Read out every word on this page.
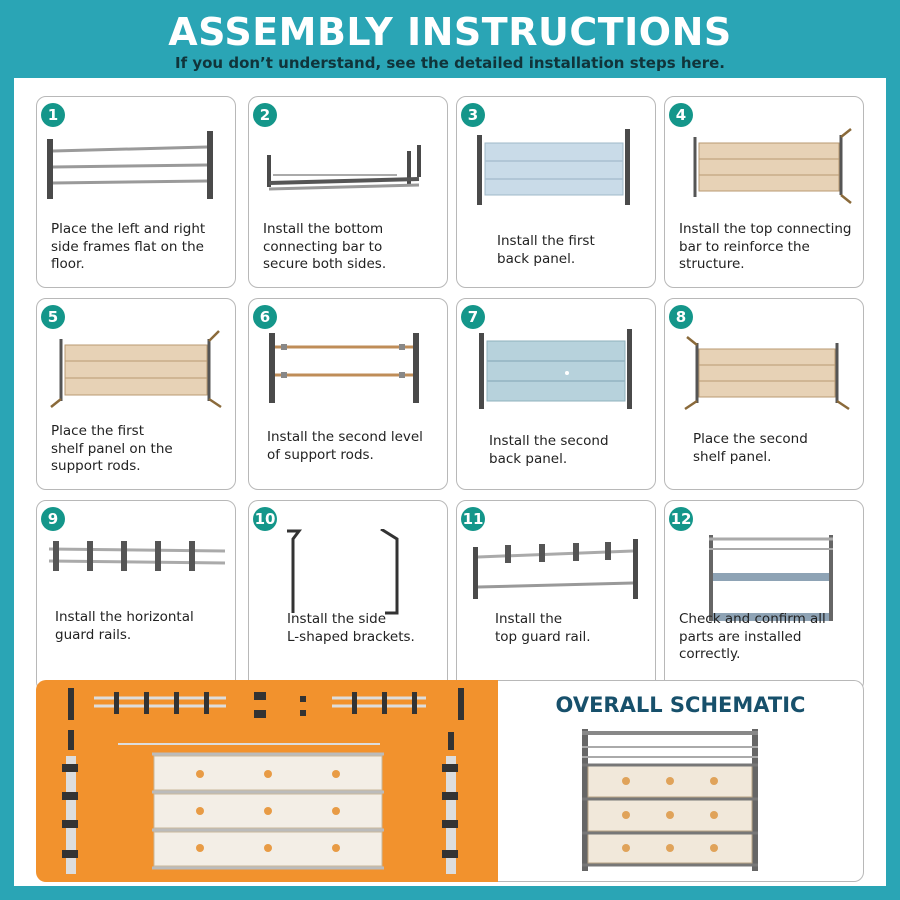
ASSEMBLY INSTRUCTIONS
If you don’t understand, see the detailed installation steps here.
1
Place the left and right
side frames flat on the
floor.
2
Install the bottom
connecting bar to
secure both sides.
3
Install the first
back panel.
4
Install the top connecting
bar to reinforce the
structure.
5
Place the first
shelf panel on the
support rods.
6
Install the second level
of support rods.
7
Install the second
back panel.
8
Place the second
shelf panel.
9
Install the horizontal
guard rails.
10
Install the side
L-shaped brackets.
11
Install the
top guard rail.
12
Check and confirm all
parts are installed
correctly.
OVERALL SCHEMATIC
